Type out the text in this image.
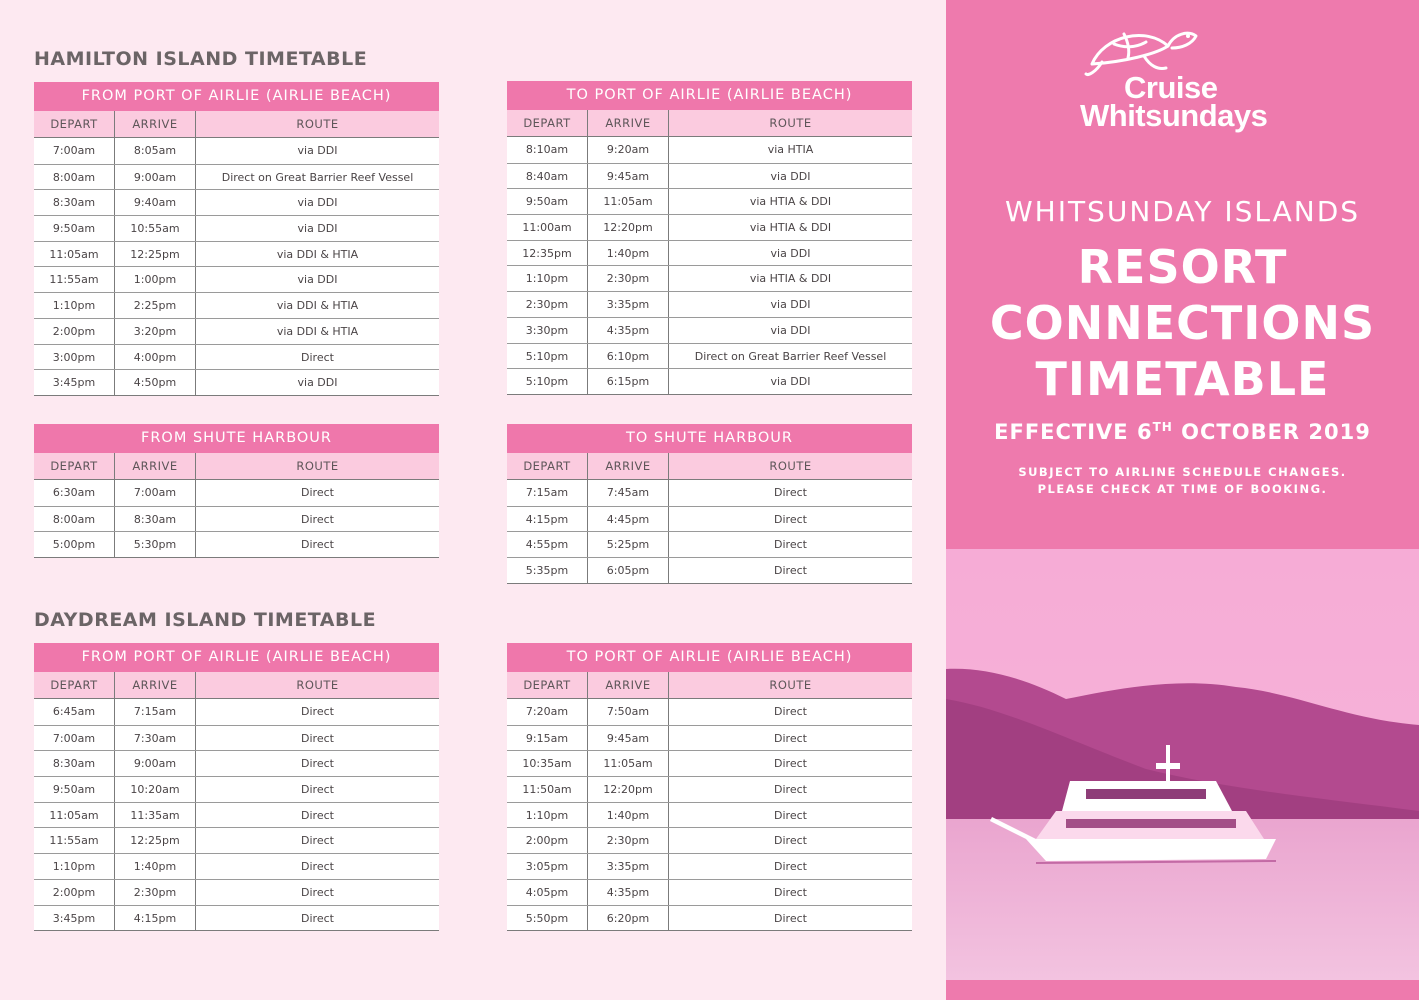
HAMILTON ISLAND TIMETABLE
FROM PORT OF AIRLIE (AIRLIE BEACH)
DEPART	ARRIVE	ROUTE
7:00am	8:05am	via DDI
8:00am	9:00am	Direct on Great Barrier Reef Vessel
8:30am	9:40am	via DDI
9:50am	10:55am	via DDI
11:05am	12:25pm	via DDI & HTIA
11:55am	1:00pm	via DDI
1:10pm	2:25pm	via DDI & HTIA
2:00pm	3:20pm	via DDI & HTIA
3:00pm	4:00pm	Direct
3:45pm	4:50pm	via DDI
TO PORT OF AIRLIE (AIRLIE BEACH)
DEPART	ARRIVE	ROUTE
8:10am	9:20am	via HTIA
8:40am	9:45am	via DDI
9:50am	11:05am	via HTIA & DDI
11:00am	12:20pm	via HTIA & DDI
12:35pm	1:40pm	via DDI
1:10pm	2:30pm	via HTIA & DDI
2:30pm	3:35pm	via DDI
3:30pm	4:35pm	via DDI
5:10pm	6:10pm	Direct on Great Barrier Reef Vessel
5:10pm	6:15pm	via DDI
FROM SHUTE HARBOUR
DEPART	ARRIVE	ROUTE
6:30am	7:00am	Direct
8:00am	8:30am	Direct
5:00pm	5:30pm	Direct
TO SHUTE HARBOUR
DEPART	ARRIVE	ROUTE
7:15am	7:45am	Direct
4:15pm	4:45pm	Direct
4:55pm	5:25pm	Direct
5:35pm	6:05pm	Direct
DAYDREAM ISLAND TIMETABLE
FROM PORT OF AIRLIE (AIRLIE BEACH)
DEPART	ARRIVE	ROUTE
6:45am	7:15am	Direct
7:00am	7:30am	Direct
8:30am	9:00am	Direct
9:50am	10:20am	Direct
11:05am	11:35am	Direct
11:55am	12:25pm	Direct
1:10pm	1:40pm	Direct
2:00pm	2:30pm	Direct
3:45pm	4:15pm	Direct
TO PORT OF AIRLIE (AIRLIE BEACH)
DEPART	ARRIVE	ROUTE
7:20am	7:50am	Direct
9:15am	9:45am	Direct
10:35am	11:05am	Direct
11:50am	12:20pm	Direct
1:10pm	1:40pm	Direct
2:00pm	2:30pm	Direct
3:05pm	3:35pm	Direct
4:05pm	4:35pm	Direct
5:50pm	6:20pm	Direct
Cruise
Whitsundays
WHITSUNDAY ISLANDS
RESORT
CONNECTIONS
TIMETABLE
EFFECTIVE 6TH OCTOBER 2019
SUBJECT TO AIRLINE SCHEDULE CHANGES.
PLEASE CHECK AT TIME OF BOOKING.
